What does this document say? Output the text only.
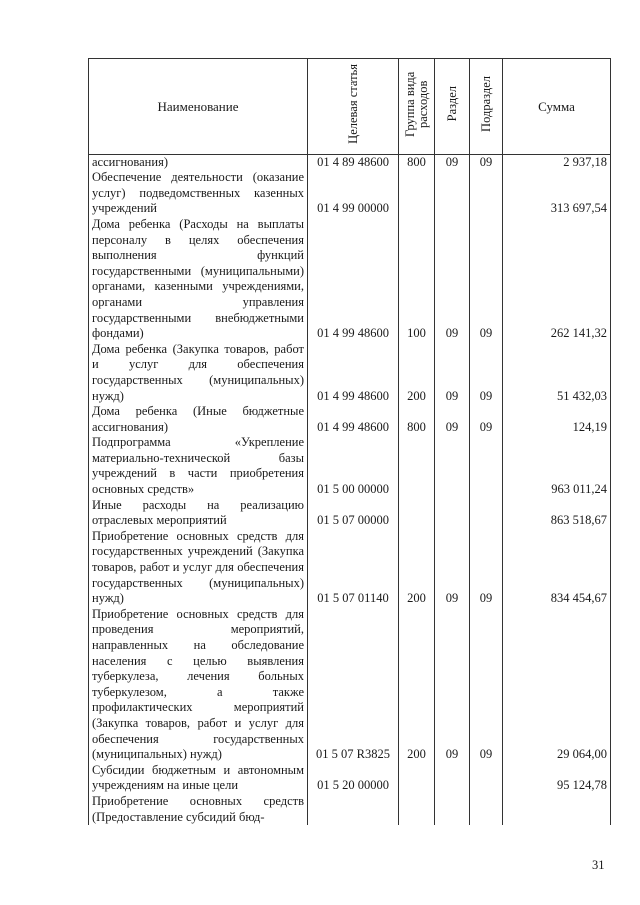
Наименование	Целевая статья	Группа вида расходов	Раздел	Подраздел	Сумма
ассигнования)	01 4 89 48600	800	09	09	2 937,18
Обеспечение деятельности (оказание услуг) подведомственных казенных учреждений	01 4 99 00000				313 697,54
Дома ребенка (Расходы на выплаты персоналу в целях обеспечения выполнения функций государственными (муниципальными) органами, казенными учреждениями, органами управления государственными внебюджетными фондами)	01 4 99 48600	100	09	09	262 141,32
Дома ребенка (Закупка товаров, работ и услуг для обеспечения государственных (муниципальных) нужд)	01 4 99 48600	200	09	09	51 432,03
Дома ребенка (Иные бюджетные ассигнования)	01 4 99 48600	800	09	09	124,19
Подпрограмма «Укрепление материально-технической базы учреждений в части приобретения основных средств»	01 5 00 00000				963 011,24
Иные расходы на реализацию отраслевых мероприятий	01 5 07 00000				863 518,67
Приобретение основных средств для государственных учреждений (Закупка товаров, работ и услуг для обеспечения государственных (муниципальных) нужд)	01 5 07 01140	200	09	09	834 454,67
Приобретение основных средств для проведения мероприятий, направленных на обследование населения с целью выявления туберкулеза, лечения больных туберкулезом, а также профилактических мероприятий (Закупка товаров, работ и услуг для обеспечения государственных (муниципальных) нужд)	01 5 07 R3825	200	09	09	29 064,00
Субсидии бюджетным и автономным учреждениям на иные цели	01 5 20 00000				95 124,78
Приобретение основных средств (Предоставление субсидий бюд-					
31
